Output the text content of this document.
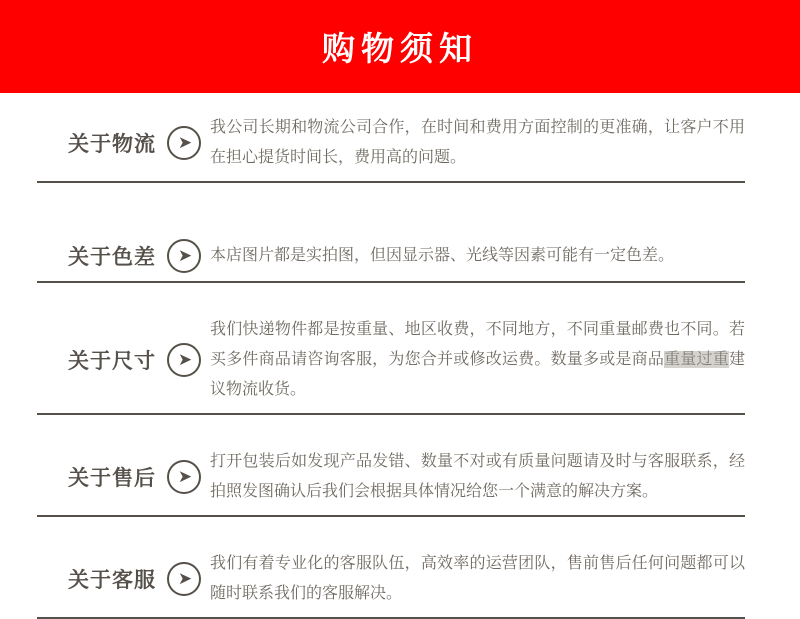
购物须知
关于物流 ➤

我公司长期和物流公司合作，在时间和费用方面控制的更准确，让客户不用在担心提货时间长，费用高的问题。

关于色差 ➤ 本店图片都是实拍图，但因显示器、光线等因素可能有一定色差。

关于尺寸 ➤

我们快递物件都是按重量、地区收费，不同地方，不同重量邮费也不同。若买多件商品请咨询客服，为您合并或修改运费。数量多或是商品重量过重建议物流收货。

关于售后 ➤

打开包装后如发现产品发错、数量不对或有质量问题请及时与客服联系，经拍照发图确认后我们会根据具体情况给您一个满意的解决方案。

关于客服 ➤

我们有着专业化的客服队伍，高效率的运营团队，售前售后任何问题都可以随时联系我们的客服解决。
